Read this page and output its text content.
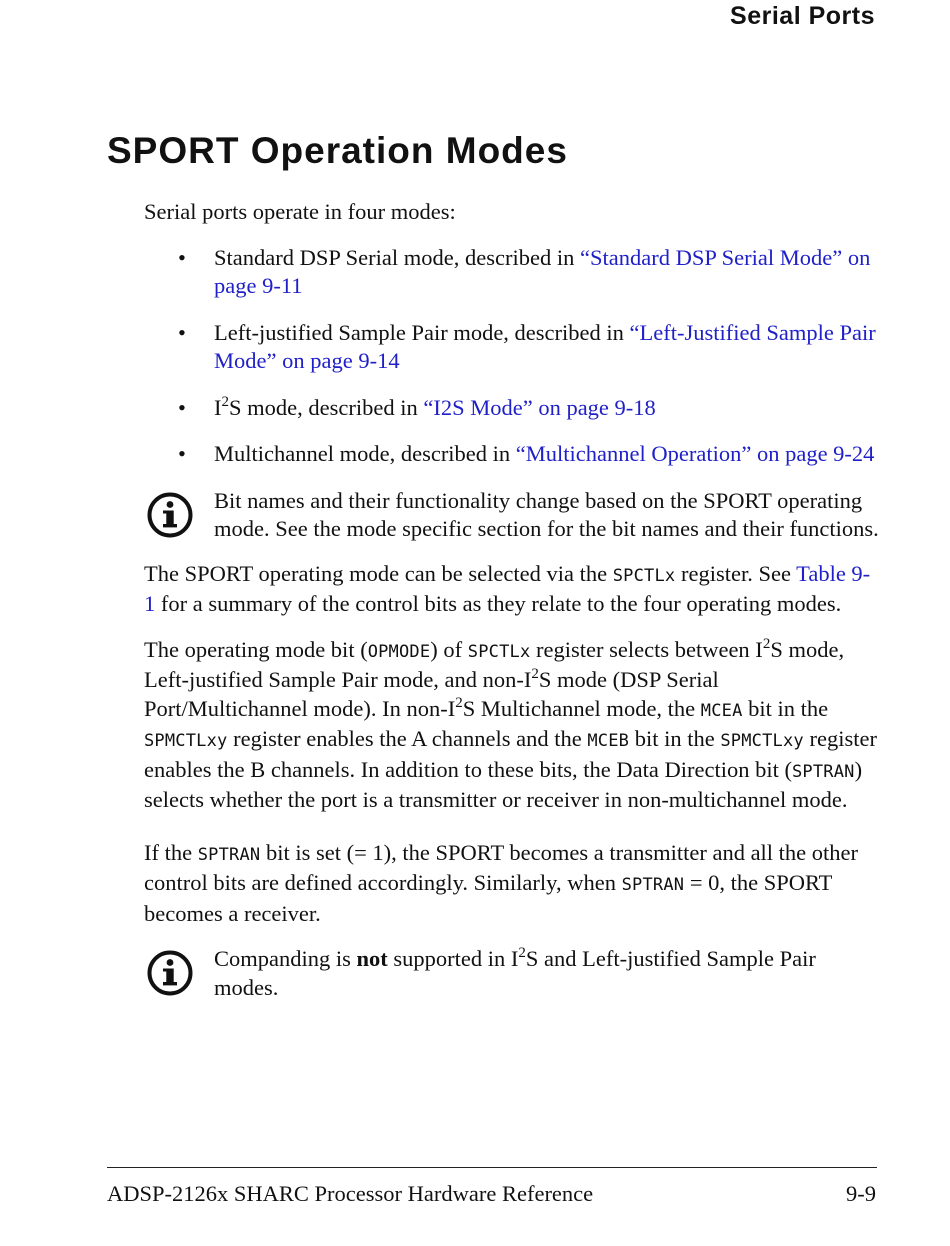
Serial Ports
SPORT Operation Modes

Serial ports operate in four modes:

• Standard DSP Serial mode, described in “Standard DSP Serial Mode” on page 9-11
• Left-justified Sample Pair mode, described in “Left-Justified Sample Pair Mode” on page 9-14
• $I^2S$ mode, described in “I2S Mode” on page 9-18
• Multichannel mode, described in “Multichannel Operation” on page 9-24

Bit names and their functionality change based on the SPORT operating mode. See the mode specific section for the bit names and their functions.

The SPORT operating mode can be selected via the SPCTLx register. See Table 9-1 for a summary of the control bits as they relate to the four operating modes.

The operating mode bit (OPMODE) of SPCTLx register selects between $I^2S$ mode, Left-justified Sample Pair mode, and non-$I^2S$ mode (DSP Serial Port/Multichannel mode). In non-$I^2S$ Multichannel mode, the MCEA bit in the SPMCTLxy register enables the A channels and the MCEB bit in the SPMCTLxy register enables the B channels. In addition to these bits, the Data Direction bit (SPTRAN) selects whether the port is a transmitter or receiver in non-multichannel mode.

If the SPTRAN bit is set (= 1), the SPORT becomes a transmitter and all the other control bits are defined accordingly. Similarly, when SPTRAN = 0, the SPORT becomes a receiver.

Companding is not supported in $I^2S$ and Left-justified Sample Pair modes.

ADSP-2126x SHARC Processor Hardware Reference	9-9
